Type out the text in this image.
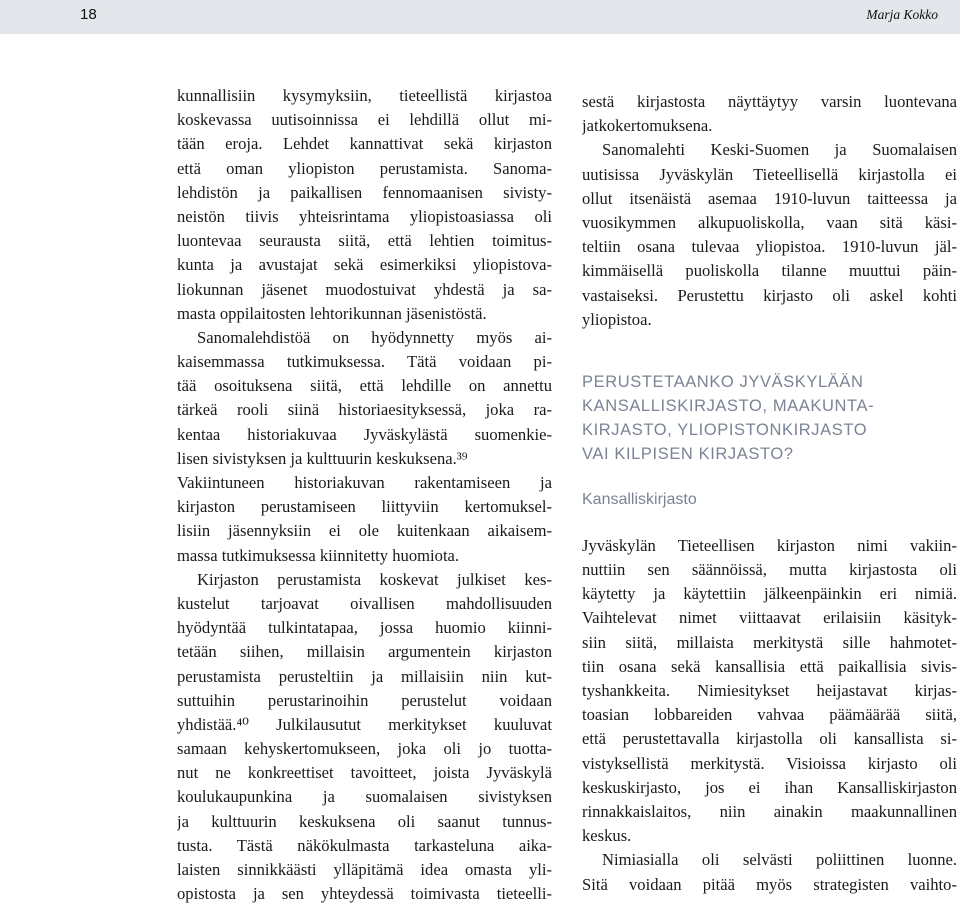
18	Marja Kokko
kunnallisiin kysymyksiin, tieteellistä kirjastoa
koskevassa uutisoinnissa ei lehdillä ollut mi-
tään eroja. Lehdet kannattivat sekä kirjaston
että oman yliopiston perustamista. Sanoma-
lehdistön ja paikallisen fennomaanisen sivisty-
neistön tiivis yhteisrintama yliopistoasiassa oli
luontevaa seurausta siitä, että lehtien toimitus-
kunta ja avustajat sekä esimerkiksi yliopistova-
liokunnan jäsenet muodostuivat yhdestä ja sa-
masta oppilaitosten lehtorikunnan jäsenistöstä.
Sanomalehdistöä on hyödynnetty myös ai-
kaisemmassa tutkimuksessa. Tätä voidaan pi-
tää osoituksena siitä, että lehdille on annettu
tärkeä rooli siinä historiaesityksessä, joka ra-
kentaa historiakuvaa Jyväskylästä suomenkie-
lisen sivistyksen ja kulttuurin keskuksena.³⁹
Vakiintuneen historiakuvan rakentamiseen ja
kirjaston perustamiseen liittyviin kertomuksel-
lisiin jäsennyksiin ei ole kuitenkaan aikaisem-
massa tutkimuksessa kiinnitetty huomiota.
Kirjaston perustamista koskevat julkiset kes-
kustelut tarjoavat oivallisen mahdollisuuden
hyödyntää tulkintatapaa, jossa huomio kiinni-
tetään siihen, millaisin argumentein kirjaston
perustamista perusteltiin ja millaisiin niin kut-
suttuihin perustarinoihin perustelut voidaan
yhdistää.⁴⁰ Julkilausutut merkitykset kuuluvat
samaan kehyskertomukseen, joka oli jo tuotta-
nut ne konkreettiset tavoitteet, joista Jyväskylä
koulukaupunkina ja suomalaisen sivistyksen
ja kulttuurin keskuksena oli saanut tunnus-
tusta. Tästä näkökulmasta tarkasteluna aika-
laisten sinnikkäästi ylläpitämä idea omasta yli-
opistosta ja sen yhteydessä toimivasta tieteelli-
sestä kirjastosta näyttäytyy varsin luontevana
jatkokertomuksena.
Sanomalehti Keski-Suomen ja Suomalaisen
uutisissa Jyväskylän Tieteellisellä kirjastolla ei
ollut itsenäistä asemaa 1910-luvun taitteessa ja
vuosikymmen alkupuoliskolla, vaan sitä käsi-
teltiin osana tulevaa yliopistoa. 1910-luvun jäl-
kimmäisellä puoliskolla tilanne muuttui päin-
vastaiseksi. Perustettu kirjasto oli askel kohti
yliopistoa.
PERUSTETAANKO JYVÄSKYLÄÄN
KANSALLISKIRJASTO, MAAKUNTA-
KIRJASTO, YLIOPISTONKIRJASTO
VAI KILPISEN KIRJASTO?
Kansalliskirjasto
Jyväskylän Tieteellisen kirjaston nimi vakiin-
nuttiin sen säännöissä, mutta kirjastosta oli
käytetty ja käytettiin jälkeenpäinkin eri nimiä.
Vaihtelevat nimet viittaavat erilaisiin käsityk-
siin siitä, millaista merkitystä sille hahmotet-
tiin osana sekä kansallisia että paikallisia sivis-
tyshankkeita. Nimiesitykset heijastavat kirjas-
toasian lobbareiden vahvaa päämäärää siitä,
että perustettavalla kirjastolla oli kansallista si-
vistyksellistä merkitystä. Visioissa kirjasto oli
keskuskirjasto, jos ei ihan Kansalliskirjaston
rinnakkaislaitos, niin ainakin maakunnallinen
keskus.
Nimiasialla oli selvästi poliittinen luonne.
Sitä voidaan pitää myös strategisten vaihto-
